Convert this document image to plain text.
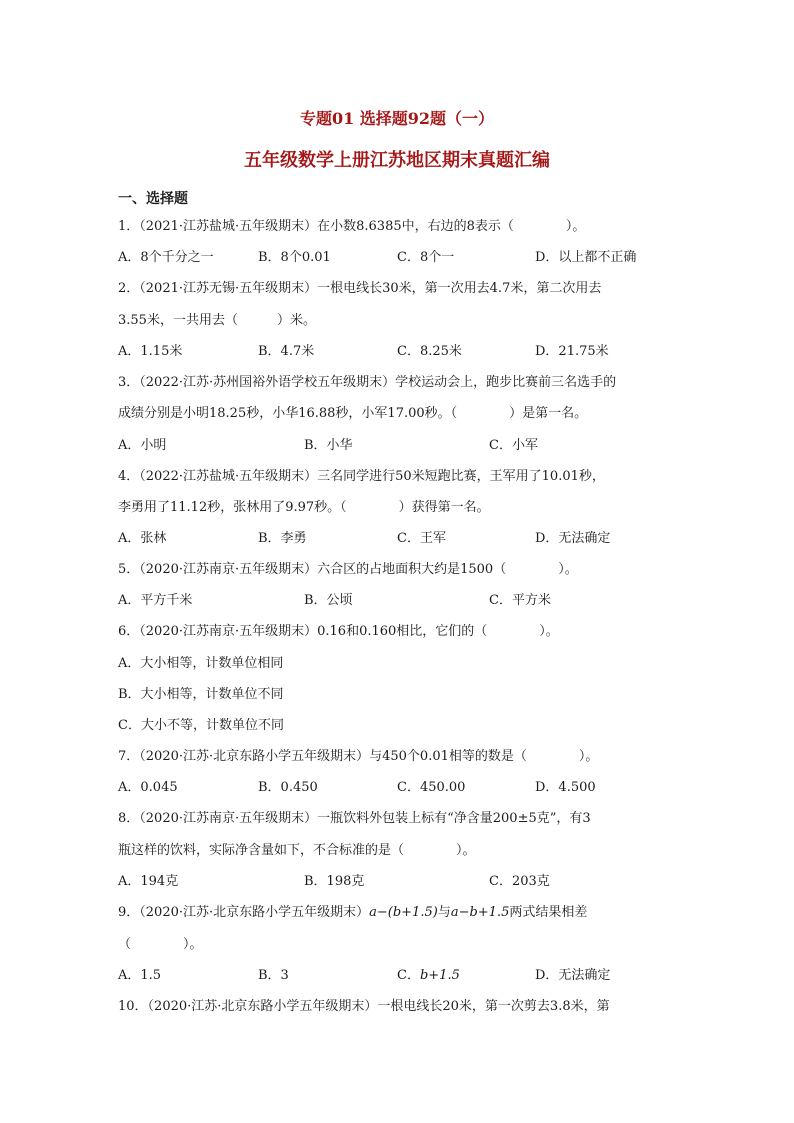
专题01 选择题92题（一）
五年级数学上册江苏地区期末真题汇编
一、选择题
1．（2021·江苏盐城·五年级期末）在小数8.6385中，右边的8表示（　　　　）。
A．8个千分之一	B．8个0.01	C．8个一	D．以上都不正确
2．（2021·江苏无锡·五年级期末）一根电线长30米，第一次用去4.7米，第二次用去
3.55米，一共用去（　　　）米。
A．1.15米	B．4.7米	C．8.25米	D．21.75米
3．（2022·江苏·苏州国裕外语学校五年级期末）学校运动会上，跑步比赛前三名选手的
成绩分别是小明18.25秒，小华16.88秒，小军17.00秒。（　　　　）是第一名。
A．小明	B．小华	C．小军
4．（2022·江苏盐城·五年级期末）三名同学进行50米短跑比赛，王军用了10.01秒，
李勇用了11.12秒，张林用了9.97秒。（　　　　）获得第一名。
A．张林	B．李勇	C．王军	D．无法确定
5．（2020·江苏南京·五年级期末）六合区的占地面积大约是1500（　　　　）。
A．平方千米	B．公顷	C．平方米
6．（2020·江苏南京·五年级期末）0.16和0.160相比，它们的（　　　　）。
A．大小相等，计数单位相同
B．大小相等，计数单位不同
C．大小不等，计数单位不同
7．（2020·江苏·北京东路小学五年级期末）与450个0.01相等的数是（　　　　）。
A．0.045	B．0.450	C．450.00	D．4.500
8．（2020·江苏南京·五年级期末）一瓶饮料外包装上标有“净含量200±5克”，有3
瓶这样的饮料，实际净含量如下，不合标准的是（　　　　）。
A．194克	B．198克	C．203克
9．（2020·江苏·北京东路小学五年级期末）a−(b+1.5)与a−b+1.5两式结果相差
（　　　　）。
A．1.5	B．3	C．b+1.5	D．无法确定
10．（2020·江苏·北京东路小学五年级期末）一根电线长20米，第一次剪去3.8米，第
